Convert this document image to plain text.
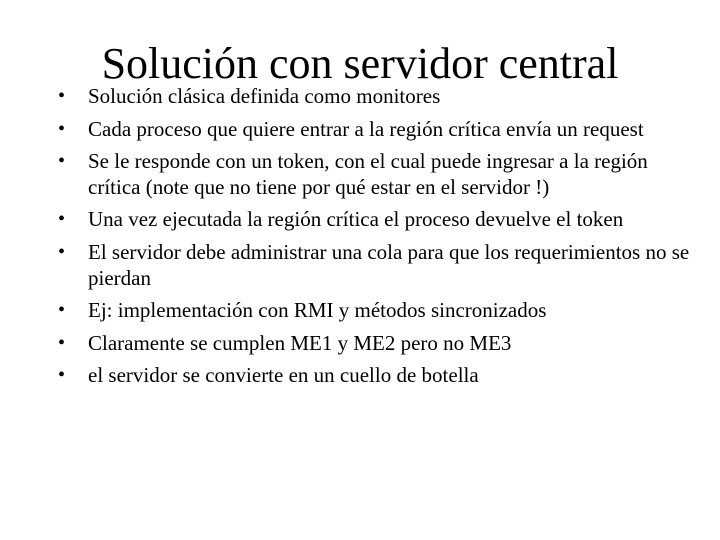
Solución con servidor central
•	Solución clásica definida como monitores
•	Cada proceso que quiere entrar a la región crítica envía un request
•	Se le responde con un token, con el cual puede ingresar a la región crítica (note que no tiene por qué estar en el servidor !)
•	Una vez ejecutada la región crítica el proceso devuelve el token
•	El servidor debe administrar una cola para que los requerimientos no se pierdan
•	Ej: implementación con RMI y métodos sincronizados
•	Claramente se cumplen ME1 y ME2 pero no ME3
•	el servidor se convierte en un cuello de botella
